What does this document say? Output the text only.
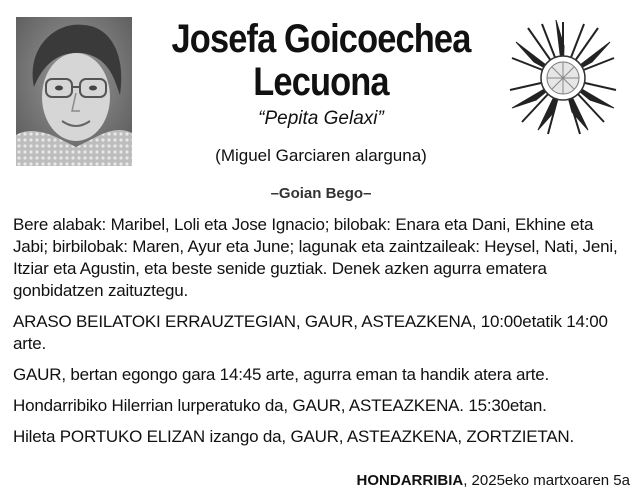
Josefa Goicoechea
Lecuona
“Pepita Gelaxi”
(Miguel Garciaren alarguna)
–Goian Bego–

Bere alabak: Maribel, Loli eta Jose Ignacio; bilobak: Enara eta Dani, Ekhine eta Jabi; birbilobak: Maren, Ayur eta June; lagunak eta zaintzaileak: Heysel, Nati, Jeni, Itziar eta Agustin, eta beste senide guztiak. Denek azken agurra ematera gonbidatzen zaituztegu.

ARASO BEILATOKI ERRAUZTEGIAN, GAUR, ASTEAZKENA, 10:00etatik 14:00 arte.

GAUR, bertan egongo gara 14:45 arte, agurra eman ta handik atera arte.

Hondarribiko Hilerrian lurperatuko da, GAUR, ASTEAZKENA. 15:30etan.

Hileta PORTUKO ELIZAN izango da, GAUR, ASTEAZKENA, ZORTZIETAN.

HONDARRIBIA, 2025eko martxoaren 5a
